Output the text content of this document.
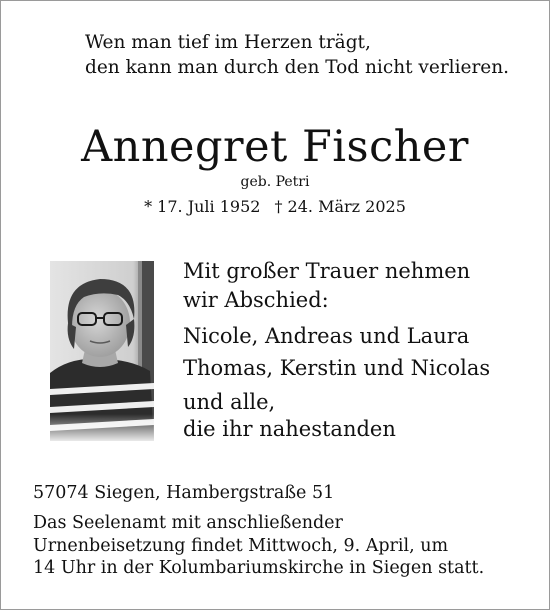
Wen man tief im Herzen trägt,
den kann man durch den Tod nicht verlieren.
Annegret Fischer
geb. Petri
* 17. Juli 1952 † 24. März 2025
Mit großer Trauer nehmen
wir Abschied:
Nicole, Andreas und Laura
Thomas, Kerstin und Nicolas
und alle,
die ihr nahestanden
57074 Siegen, Hambergstraße 51
Das Seelenamt mit anschließender
Urnenbeisetzung findet Mittwoch, 9. April, um
14 Uhr in der Kolumbariumskirche in Siegen statt.
